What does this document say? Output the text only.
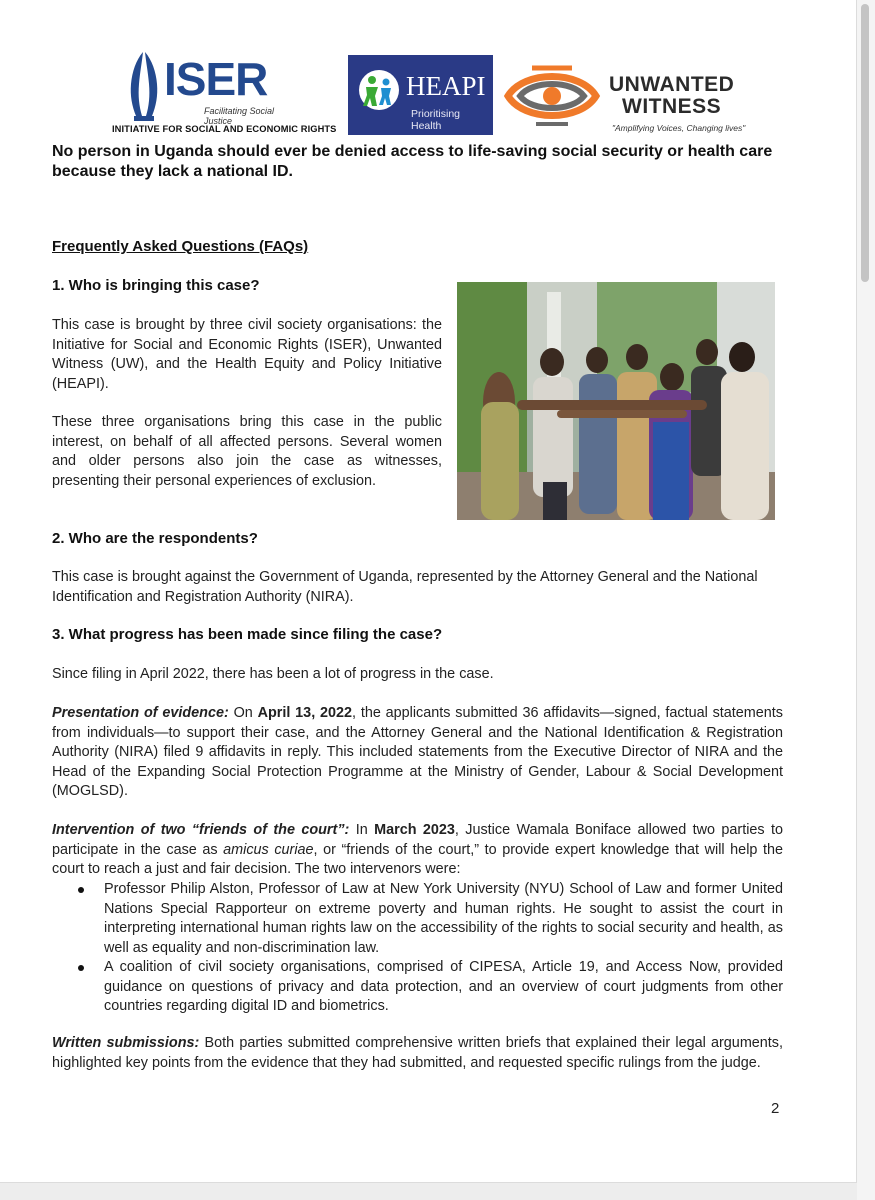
ISER
Facilitating Social Justice
INITIATIVE FOR SOCIAL AND ECONOMIC RIGHTS
HEAPI
Prioritising Health
UNWANTED
WITNESS
"Amplifying Voices, Changing lives"
No person in Uganda should ever be denied access to life-saving social security or health care because they lack a national ID.
Frequently Asked Questions (FAQs)
1. Who is bringing this case?
This case is brought by three civil society organisations: the Initiative for Social and Economic Rights (ISER), Unwanted Witness (UW), and the Health Equity and Policy Initiative (HEAPI).
These three organisations bring this case in the public interest, on behalf of all affected persons. Several women and older persons also join the case as witnesses, presenting their personal experiences of exclusion.
2. Who are the respondents?
This case is brought against the Government of Uganda, represented by the Attorney General and the National Identification and Registration Authority (NIRA).
3. What progress has been made since filing the case?
Since filing in April 2022, there has been a lot of progress in the case.
Presentation of evidence: On April 13, 2022, the applicants submitted 36 affidavits—signed, factual statements from individuals—to support their case, and the Attorney General and the National Identification & Registration Authority (NIRA) filed 9 affidavits in reply. This included statements from the Executive Director of NIRA and the Head of the Expanding Social Protection Programme at the Ministry of Gender, Labour & Social Development (MOGLSD).
Intervention of two “friends of the court”: In March 2023, Justice Wamala Boniface allowed two parties to participate in the case as amicus curiae, or “friends of the court,” to provide expert knowledge that will help the court to reach a just and fair decision. The two intervenors were:
Professor Philip Alston, Professor of Law at New York University (NYU) School of Law and former United Nations Special Rapporteur on extreme poverty and human rights. He sought to assist the court in interpreting international human rights law on the accessibility of the rights to social security and health, as well as equality and non-discrimination law.
A coalition of civil society organisations, comprised of CIPESA, Article 19, and Access Now, provided guidance on questions of privacy and data protection, and an overview of court judgments from other countries regarding digital ID and biometrics.
Written submissions: Both parties submitted comprehensive written briefs that explained their legal arguments, highlighted key points from the evidence that they had submitted, and requested specific rulings from the judge.
2
